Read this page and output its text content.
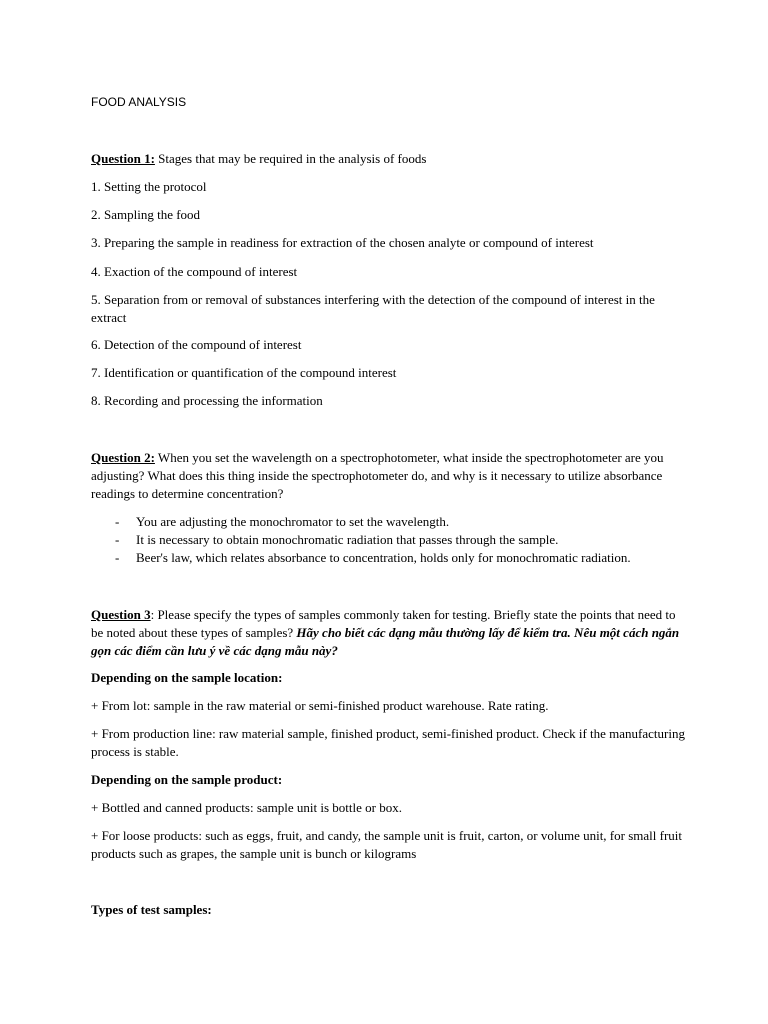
FOOD ANALYSIS

Question 1: Stages that may be required in the analysis of foods

1. Setting the protocol

2. Sampling the food

3. Preparing the sample in readiness for extraction of the chosen analyte or compound of interest

4. Exaction of the compound of interest

5. Separation from or removal of substances interfering with the detection of the compound of interest in the extract

6. Detection of the compound of interest

7. Identification or quantification of the compound interest

8. Recording and processing the information

Question 2: When you set the wavelength on a spectrophotometer, what inside the spectrophotometer are you adjusting? What does this thing inside the spectrophotometer do, and why is it necessary to utilize absorbance readings to determine concentration?

- You are adjusting the monochromator to set the wavelength.
- It is necessary to obtain monochromatic radiation that passes through the sample.
- Beer's law, which relates absorbance to concentration, holds only for monochromatic radiation.

Question 3: Please specify the types of samples commonly taken for testing. Briefly state the points that need to be noted about these types of samples? Hãy cho biết các dạng mẫu thường lấy để kiểm tra. Nêu một cách ngắn gọn các điểm cần lưu ý về các dạng mẫu này?

Depending on the sample location:

+ From lot: sample in the raw material or semi-finished product warehouse. Rate rating.

+ From production line: raw material sample, finished product, semi-finished product. Check if the manufacturing process is stable.

Depending on the sample product:

+ Bottled and canned products: sample unit is bottle or box.

+ For loose products: such as eggs, fruit, and candy, the sample unit is fruit, carton, or volume unit, for small fruit products such as grapes, the sample unit is bunch or kilograms

Types of test samples:
